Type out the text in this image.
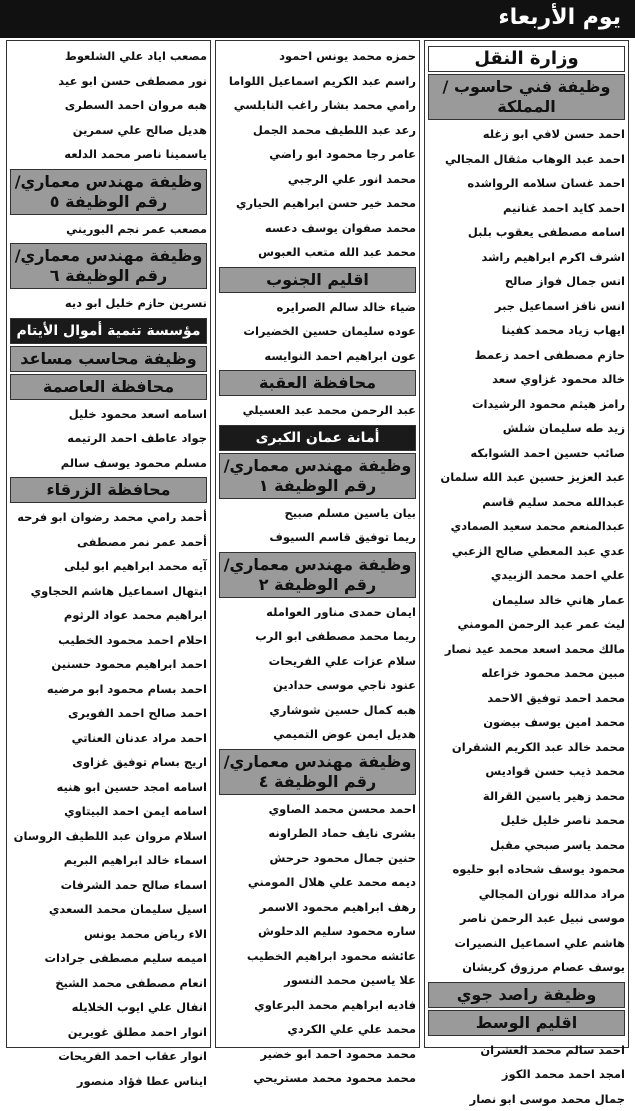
يوم الأربعاء
وزارة النقل
وظيفة فني حاسوب / المملكة
احمد حسن لافي ابو زغله
احمد عبد الوهاب مثقال المجالي
احمد غسان سلامه الرواشده
احمد كايد احمد غنانيم
اسامه مصطفى يعقوب بلبل
اشرف اكرم ابراهيم راشد
انس جمال فواز صالح
انس نافز اسماعيل جبر
ايهاب زياد محمد كفينا
حازم مصطفى احمد زعمط
خالد محمود غزاوي سعد
رامز هيثم محمود الرشيدات
زيد طه سليمان شلش
صائب حسين احمد الشوابكه
عبد العزيز حسين عبد الله سلمان
عبدالله محمد سليم قاسم
عبدالمنعم محمد سعيد الصمادي
عدي عبد المعطي صالح الزعبي
علي احمد محمد الزبيدي
عمار هاني خالد سليمان
ليث عمر عبد الرحمن المومني
مالك محمد اسعد محمد عيد نصار
مبين محمد محمود خزاعله
محمد احمد توفيق الاحمد
محمد امين يوسف بيضون
محمد خالد عبد الكريم الشقران
محمد ذيب حسن قواديس
محمد زهير ياسين القرالة
محمد ناصر خليل خليل
محمد ياسر صبحي مقبل
محمود يوسف شحاده ابو حليوه
مراد مدالله نوران المجالي
موسى نبيل عبد الرحمن ناصر
هاشم علي اسماعيل النصيرات
يوسف عصام مرزوق كريشان
وظيفة راصد جوي
اقليم الوسط
احمد سالم محمد العشران
امجد احمد محمد الكوز
جمال محمد موسى ابو نصار
حمزه محمد يونس احمود
راسم عبد الكريم اسماعيل اللواما
رامي محمد بشار راغب النابلسي
رعد عبد اللطيف محمد الجمل
عامر رجا محمود ابو راضي
محمد انور علي الرجبي
محمد خير حسن ابراهيم الحياري
محمد صفوان يوسف دعسه
محمد عبد الله متعب العبوس
اقليم الجنوب
ضياء خالد سالم الصرايره
عوده سليمان حسين الخضيرات
عون ابراهيم احمد النوايسه
محافظة العقبة
عبد الرحمن محمد عبد العسيلي
أمانة عمان الكبرى
وظيفة مهندس معماري/رقم الوظيفة ١
بيان ياسين مسلم صبيح
ريما توفيق قاسم السيوف
وظيفة مهندس معماري/رقم الوظيفة ٢
ايمان حمدى مناور العوامله
ريما محمد مصطفى ابو الرب
سلام عزات علي الفريحات
عنود ناجي موسى حدادين
هبه كمال حسين شوشاري
هديل ايمن عوض التميمي
وظيفة مهندس معماري/رقم الوظيفة ٤
احمد محسن محمد الصاوي
بشرى نايف حماد الطراونه
حنين جمال محمود حرحش
ديمه محمد علي هلال المومني
رهف ابراهيم محمود الاسمر
ساره محمود سليم الدحلوش
عائشه محمود ابراهيم الخطيب
علا ياسين محمد النسور
فاديه ابراهيم محمد البرعاوي
محمد علي علي الكردي
محمد محمود احمد ابو خضير
محمد محمود محمد مستريحي
مصعب اياد علي الشلعوط
نور مصطفى حسن ابو عيد
هبه مروان احمد السطرى
هديل صالح علي سمرين
ياسمينا ناصر محمد الدلعه
وظيفة مهندس معماري/رقم الوظيفة ٥
مصعب عمر نجم البوريني
وظيفة مهندس معماري/رقم الوظيفة ٦
نسرين حازم خليل ابو ديه
مؤسسة تنمية أموال الأيتام
وظيفة محاسب مساعد
محافظة العاصمة
اسامه اسعد محمود خليل
جواد عاطف احمد الرتيمه
مسلم محمود يوسف سالم
محافظة الزرقاء
أحمد رامي محمد رضوان ابو فرحه
أحمد عمر نمر مصطفى
آيه محمد ابراهيم ابو ليلى
ابتهال اسماعيل هاشم الحجاوي
ابراهيم محمد عواد الرثوم
احلام احمد محمود الخطيب
احمد ابراهيم محمود حسنين
احمد بسام محمود ابو مرضيه
احمد صالح احمد الفويرى
احمد مراد عدنان العناتي
اريج بسام توفيق غزاوى
اسامه امجد حسين ابو هنيه
اسامه ايمن احمد البيتاوي
اسلام مروان عبد اللطيف الروسان
اسماء خالد ابراهيم البريم
اسماء صالح حمد الشرفات
اسيل سليمان محمد السعدي
الاء رياض محمد يونس
اميمه سليم مصطفى جرادات
انعام مصطفى محمد الشيخ
انفال علي ايوب الخلايله
انوار احمد مطلق غويرين
انوار عقاب احمد الفريحات
ايناس عطا فؤاد منصور
